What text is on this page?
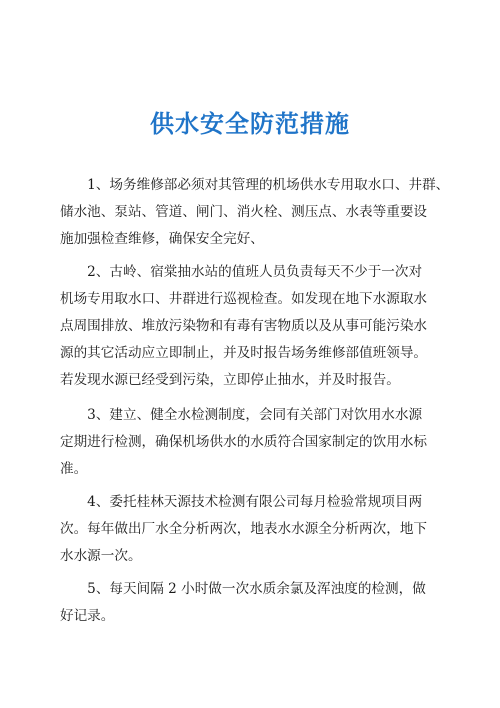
供水安全防范措施

　　1、场务维修部必须对其管理的机场供水专用取水口、井群、
储水池、泵站、管道、闸门、消火栓、测压点、水表等重要设
施加强检查维修，确保安全完好、

　　2、古岭、宿棠抽水站的值班人员负责每天不少于一次对
机场专用取水口、井群进行巡视检查。如发现在地下水源取水
点周围排放、堆放污染物和有毒有害物质以及从事可能污染水
源的其它活动应立即制止，并及时报告场务维修部值班领导。
若发现水源已经受到污染，立即停止抽水，并及时报告。

　　3、建立、健全水检测制度，会同有关部门对饮用水水源
定期进行检测，确保机场供水的水质符合国家制定的饮用水标
准。

　　4、委托桂林天源技术检测有限公司每月检验常规项目两
次。每年做出厂水全分析两次，地表水水源全分析两次，地下
水水源一次。

　　5、每天间隔 2 小时做一次水质余氯及浑浊度的检测，做
好记录。
